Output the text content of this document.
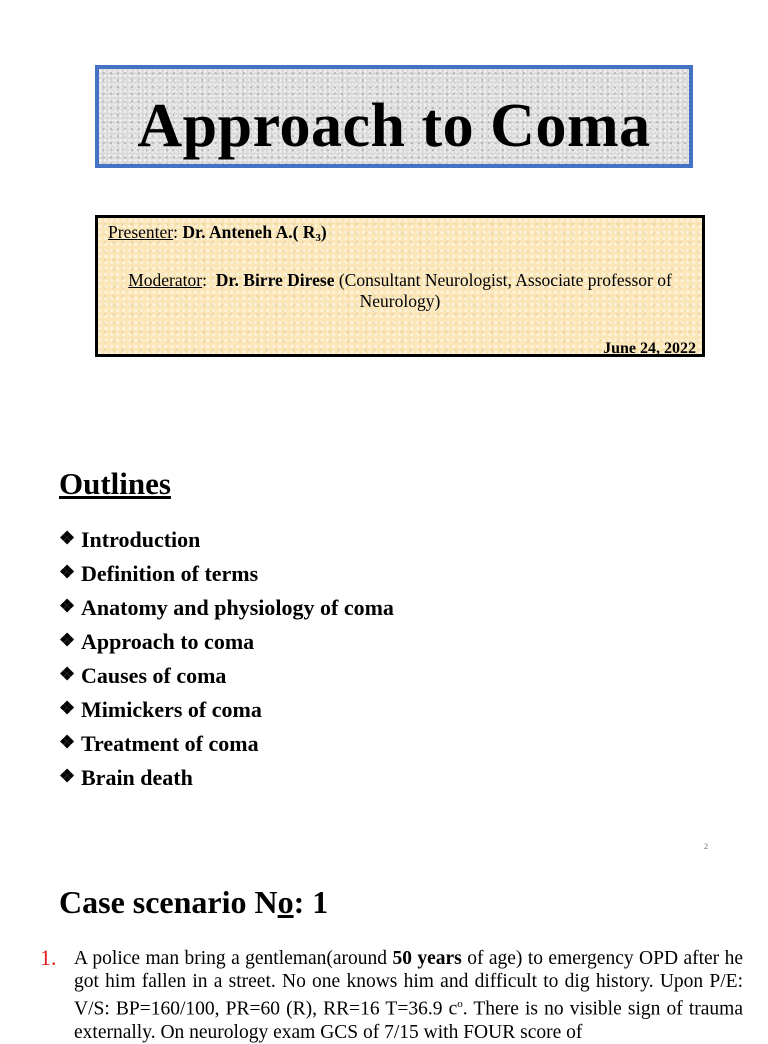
Approach to Coma
Presenter: Dr. Anteneh A.( $R_3$)
Moderator:  Dr. Birre Direse (Consultant Neurologist, Associate professor of Neurology)
June 24, 2022
Outlines
❖ Introduction
❖ Definition of terms
❖ Anatomy and physiology of coma
❖ Approach to coma
❖ Causes of coma
❖ Mimickers of coma
❖ Treatment of coma
❖ Brain death
2
Case scenario No: 1
1. A police man bring a gentleman(around 50 years of age) to emergency OPD after he got him fallen in a street. No one knows him and difficult to dig history. Upon P/E: V/S: BP=160/100, PR=60 (R), RR=16 T=36.9 $c^o$. There is no visible sign of trauma externally. On neurology exam GCS of 7/15 with FOUR score of
